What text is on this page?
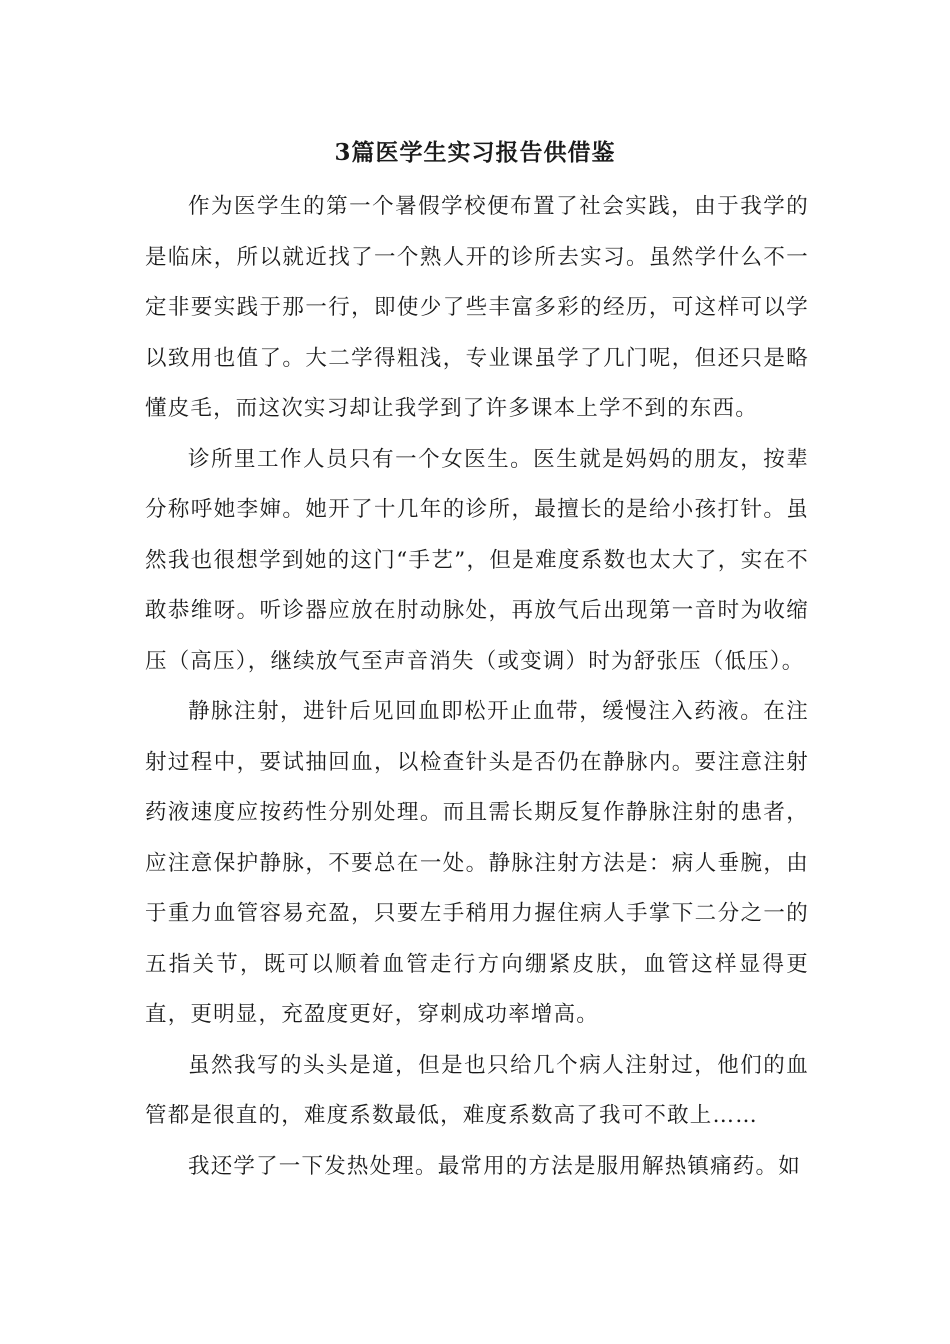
3篇医学生实习报告供借鉴

作为医学生的第一个暑假学校便布置了社会实践，由于我学的是临床，所以就近找了一个熟人开的诊所去实习。虽然学什么不一定非要实践于那一行，即使少了些丰富多彩的经历，可这样可以学以致用也值了。大二学得粗浅，专业课虽学了几门呢，但还只是略懂皮毛，而这次实习却让我学到了许多课本上学不到的东西。

诊所里工作人员只有一个女医生。医生就是妈妈的朋友，按辈分称呼她李婶。她开了十几年的诊所，最擅长的是给小孩打针。虽然我也很想学到她的这门“手艺”，但是难度系数也太大了，实在不敢恭维呀。听诊器应放在肘动脉处，再放气后出现第一音时为收缩压（高压），继续放气至声音消失（或变调）时为舒张压（低压）。

静脉注射，进针后见回血即松开止血带，缓慢注入药液。在注射过程中，要试抽回血，以检查针头是否仍在静脉内。要注意注射药液速度应按药性分别处理。而且需长期反复作静脉注射的患者，应注意保护静脉，不要总在一处。静脉注射方法是：病人垂腕，由于重力血管容易充盈，只要左手稍用力握住病人手掌下二分之一的五指关节，既可以顺着血管走行方向绷紧皮肤，血管这样显得更直，更明显，充盈度更好，穿刺成功率增高。

虽然我写的头头是道，但是也只给几个病人注射过，他们的血管都是很直的，难度系数最低，难度系数高了我可不敢上……

我还学了一下发热处理。最常用的方法是服用解热镇痛药。如
